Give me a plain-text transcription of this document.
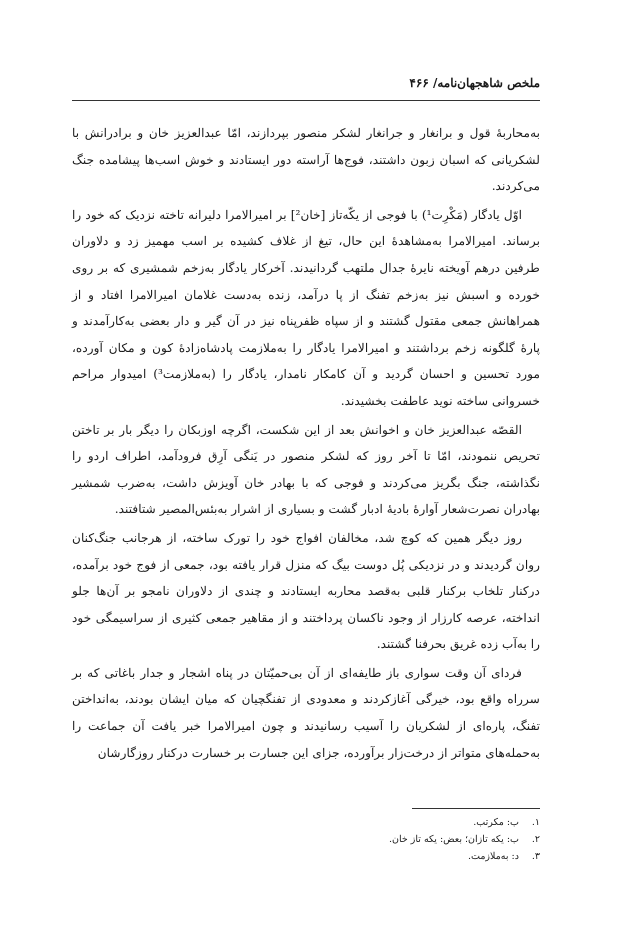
ملخص شاهجهان‌نامه/ ۴۶۶

به‌محاربهٔ قول و برانغار و جرانغار لشکر منصور بپردازند، امّا عبدالعزیز خان و برادرانش با لشکریانی که اسبان زبون داشتند، فوج‌ها آراسته دور ایستادند و خوش اسب‌ها پیشامده جنگ می‌کردند.

اوّل یادگار (مَکْرِت¹) با فوجی از یکّه‌تاز [خان²] بر امیرالامرا دلیرانه تاخته نزدیک که خود را برساند. امیرالامرا به‌مشاهدهٔ این حال، تیغ از غلاف کشیده بر اسب مهمیز زد و دلاوران طرفین درهم آویخته نایرهٔ جدال ملتهب گردانیدند. آخرکار یادگار به‌زخم شمشیری که بر روی خورده و اسبش نیز به‌زخم تفنگ از پا درآمد، زنده به‌دست غلامان امیرالامرا افتاد و از همراهانش جمعی مقتول گشتند و از سپاه ظفرپناه نیز در آن گیر و دار بعضی به‌کارآمدند و پارهٔ گلگونه زخم برداشتند و امیرالامرا یادگار را به‌ملازمت پادشاه‌زادهٔ کون و مکان آورده، مورد تحسین و احسان گردید و آن کامکار نامدار، یادگار را (به‌ملازمت³) امیدوار مراحم خسروانی ساخته نوید عاطفت بخشیدند.

القصّه عبدالعزیز خان و اخوانش بعد از این شکست، اگرچه اوزبکان را دیگر بار بر تاختن تحریص ننمودند، امّا تا آخر روز که لشکر منصور در یَنگی آرِق فرودآمد، اطراف اردو را نگذاشته، جنگ بگریز می‌کردند و فوجی که با بهادر خان آویزش داشت، به‌ضرب شمشیر بهادران نصرت‌شعار آوارهٔ بادیهٔ ادبار گشت و بسیاری از اشرار به‌بئس‌المصیر شتافتند.

روز دیگر همین که کوچ شد، مخالفان افواج خود را تورک ساخته، از هرجانب جنگ‌کنان روان گردیدند و در نزدیکی پُل دوست بیگ که منزل قرار یافته بود، جمعی از فوج خود برآمده، درکنار تلخاب برکنار قلبی به‌قصد محاربه ایستادند و چندی از دلاوران نامجو بر آن‌ها جلو انداخته، عرصه کارزار از وجود ناکسان پرداختند و از مقاهیر جمعی کثیری از سراسیمگی خود را به‌آب زده غریق بحرفنا گشتند.

فردای آن وقت سواری باز طایفه‌ای از آن بی‌حمیّتان در پناه اشجار و جدار باغاتی که بر سرراه واقع بود، خیرگی آغازکردند و معدودی از تفنگچیان که میان ایشان بودند، به‌انداختن تفنگ، پاره‌ای از لشکریان را آسیب رسانیدند و چون امیرالامرا خبر یافت آن جماعت را به‌حمله‌های متواتر از درخت‌زار برآورده، جزای این جسارت بر خسارت درکنار روزگارشان

۱. ب: مکرتب.
۲. ب: یکه تازان؛ بعض: یکه تاز خان.
۳. د: به‌ملازمت.
